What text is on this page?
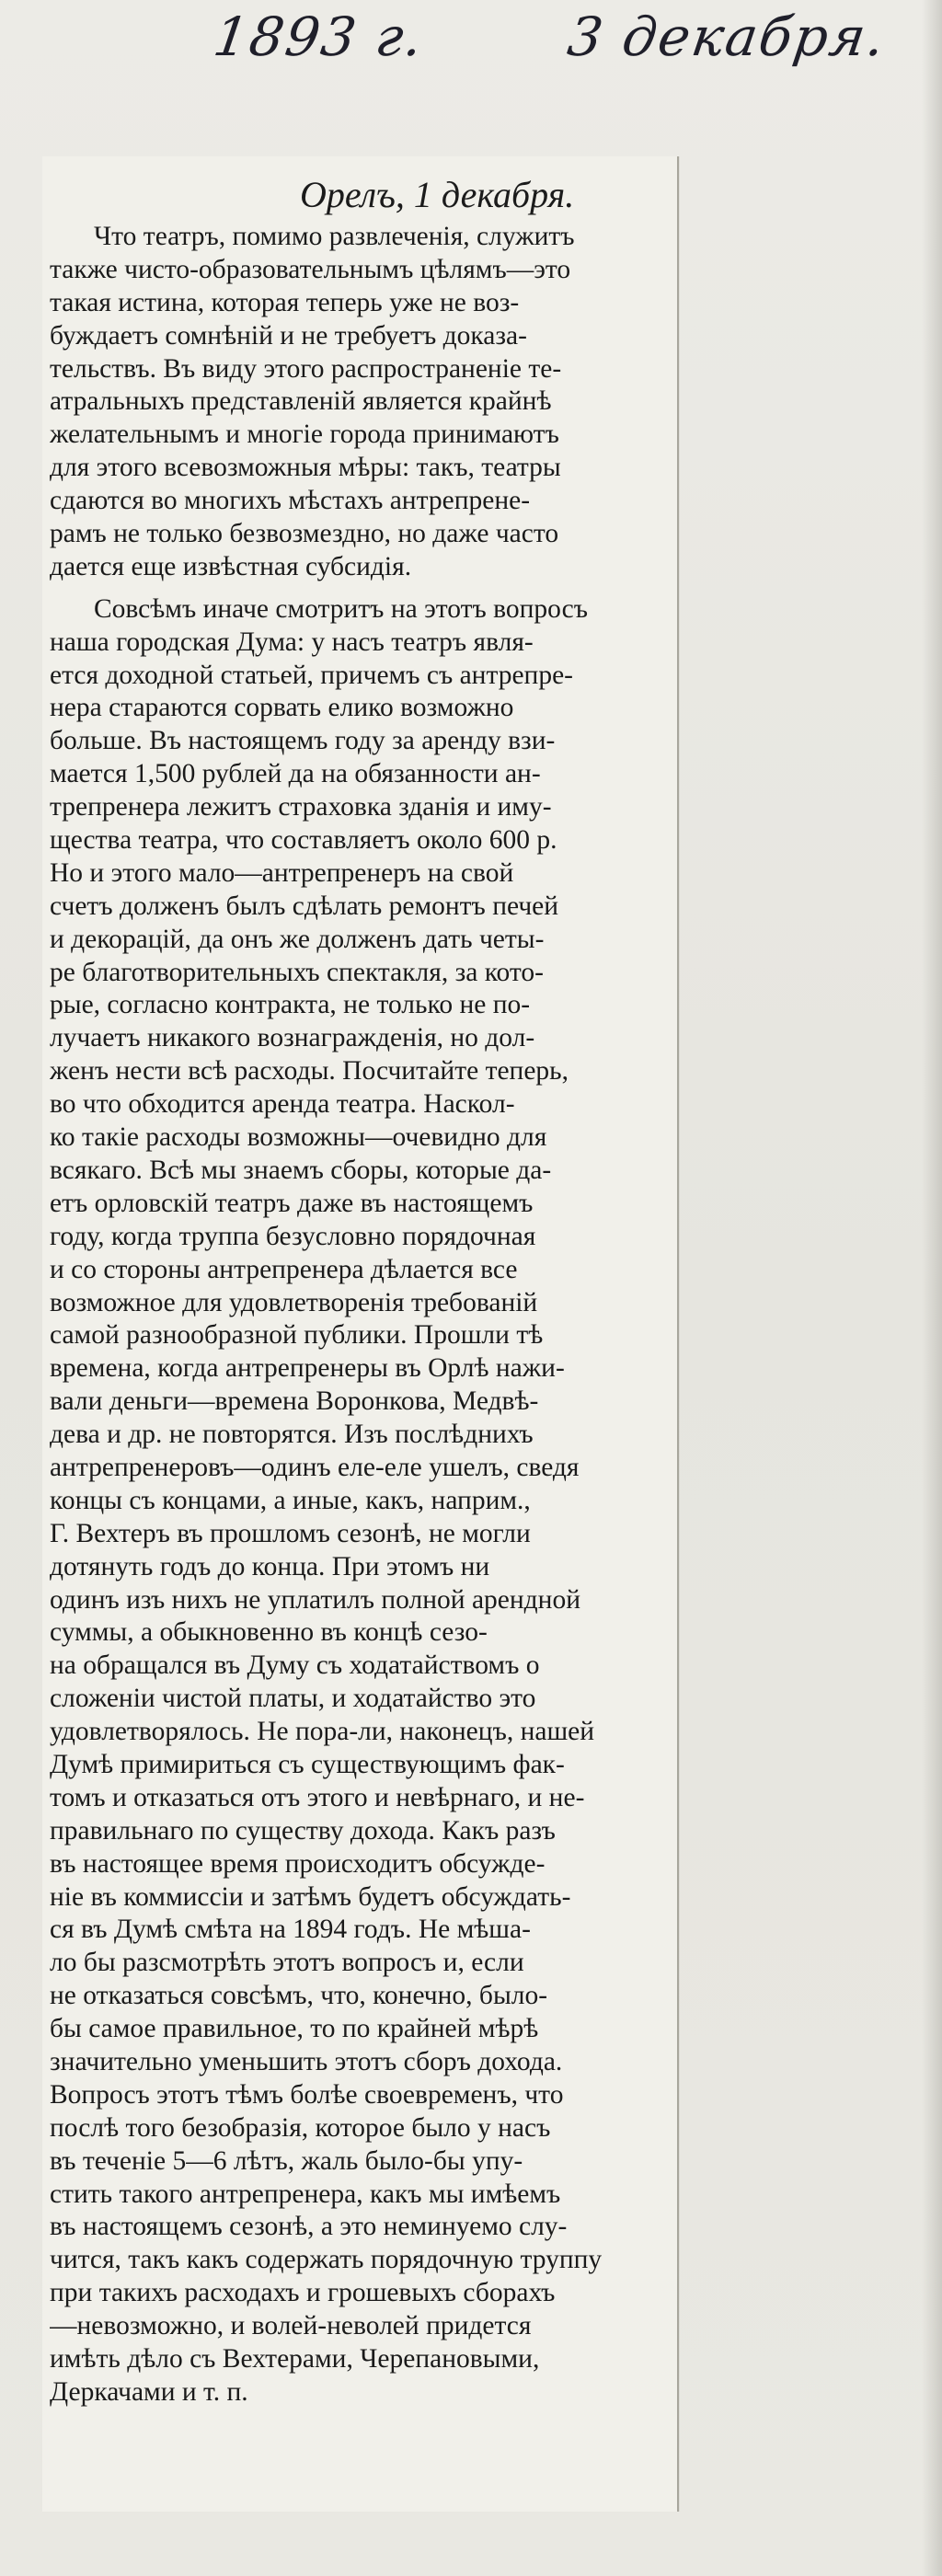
1893 г.	3 декабря.
Орелъ, 1 декабря.
Что театръ, помимо развлеченія, служитъ
также чисто-образовательнымъ цѣлямъ—это
такая истина, которая теперь уже не воз-
буждаетъ сомнѣній и не требуетъ доказа-
тельствъ. Въ виду этого распространеніе те-
атральныхъ представленій является крайнѣ
желательнымъ и многіе города принимаютъ
для этого всевозможныя мѣры: такъ, театры
сдаются во многихъ мѣстахъ антрепрене-
рамъ не только безвозмездно, но даже часто
дается еще извѣстная субсидія.
Совсѣмъ иначе смотритъ на этотъ вопросъ
наша городская Дума: у насъ театръ явля-
ется доходной статьей, причемъ съ антрепре-
нера стараются сорвать елико возможно
больше. Въ настоящемъ году за аренду взи-
мается 1,500 рублей да на обязанности ан-
трепренера лежитъ страховка зданія и иму-
щества театра, что составляетъ около 600 р.
Но и этого мало—антрепренеръ на свой
счетъ долженъ былъ сдѣлать ремонтъ печей
и декорацій, да онъ же долженъ дать четы-
ре благотворительныхъ спектакля, за кото-
рые, согласно контракта, не только не по-
лучаетъ никакого вознагражденія, но дол-
женъ нести всѣ расходы. Посчитайте теперь,
во что обходится аренда театра. Наскол-
ко такіе расходы возможны—очевидно для
всякаго. Всѣ мы знаемъ сборы, которые да-
етъ орловскій театръ даже въ настоящемъ
году, когда труппа безусловно порядочная
и со стороны антрепренера дѣлается все
возможное для удовлетворенія требованій
самой разнообразной публики. Прошли тѣ
времена, когда антрепренеры въ Орлѣ нажи-
вали деньги—времена Воронкова, Медвѣ-
дева и др. не повторятся. Изъ послѣднихъ
антрепренеровъ—одинъ еле-еле ушелъ, сведя
концы съ концами, а иные, какъ, наприм.,
Г. Вехтеръ въ прошломъ сезонѣ, не могли
дотянуть годъ до конца. При этомъ ни
одинъ изъ нихъ не уплатилъ полной арендной
суммы, а обыкновенно въ концѣ сезо-
на обращался въ Думу съ ходатайствомъ о
сложеніи чистой платы, и ходатайство это
удовлетворялось. Не пора-ли, наконецъ, нашей
Думѣ примириться съ существующимъ фак-
томъ и отказаться отъ этого и невѣрнаго, и не-
правильнаго по существу дохода. Какъ разъ
въ настоящее время происходитъ обсужде-
ніе въ коммиссіи и затѣмъ будетъ обсуждать-
ся въ Думѣ смѣта на 1894 годъ. Не мѣша-
ло бы разсмотрѣть этотъ вопросъ и, если
не отказаться совсѣмъ, что, конечно, было-
бы самое правильное, то по крайней мѣрѣ
значительно уменьшить этотъ сборъ дохода.
Вопросъ этотъ тѣмъ болѣе своевременъ, что
послѣ того безобразія, которое было у насъ
въ теченіе 5—6 лѣтъ, жаль было-бы упу-
стить такого антрепренера, какъ мы имѣемъ
въ настоящемъ сезонѣ, а это неминуемо слу-
чится, такъ какъ содержать порядочную труппу
при такихъ расходахъ и грошевыхъ сборахъ
—невозможно, и волей-неволей придется
имѣть дѣло съ Вехтерами, Черепановыми,
Деркачами и т. п.
